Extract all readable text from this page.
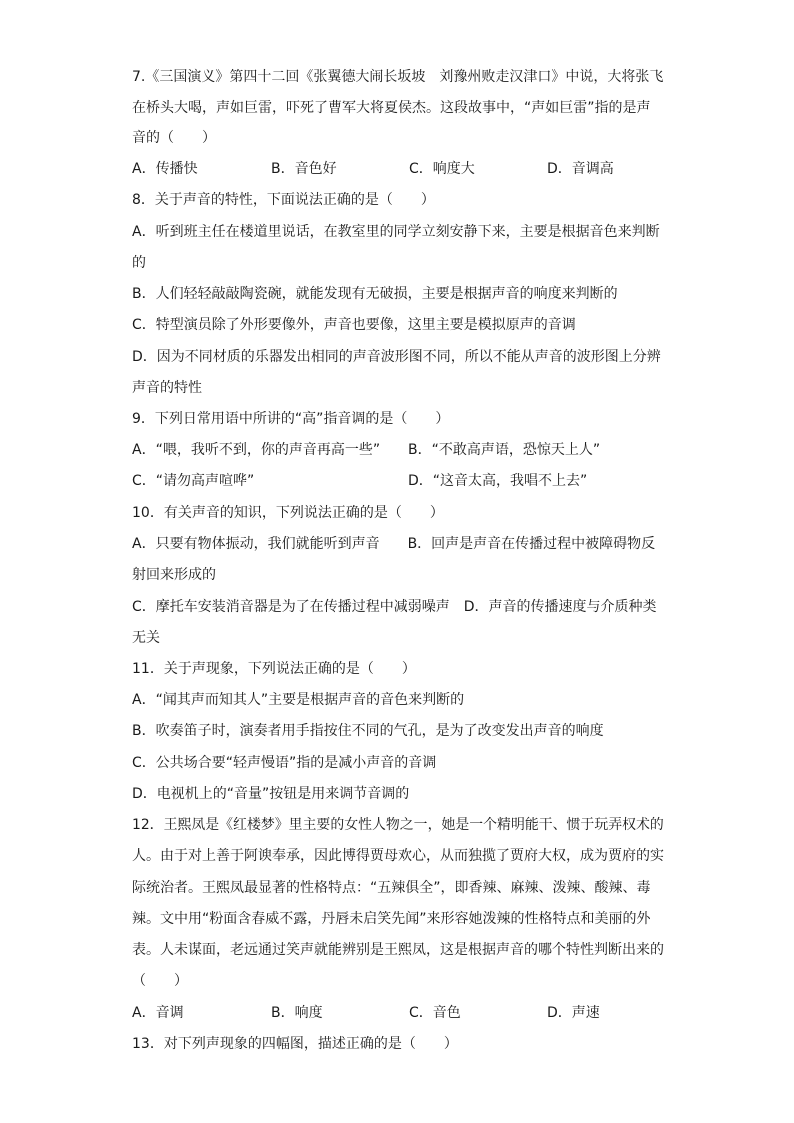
7.《三国演义》第四十二回《张翼德大闹长坂坡　刘豫州败走汉津口》中说，大将张飞
在桥头大喝，声如巨雷，吓死了曹军大将夏侯杰。这段故事中，“声如巨雷”指的是声
音的（　　）
A．传播快	B．音色好	C．响度大	D．音调高
8．关于声音的特性，下面说法正确的是（　　）
A．听到班主任在楼道里说话，在教室里的同学立刻安静下来，主要是根据音色来判断
的
B．人们轻轻敲敲陶瓷碗，就能发现有无破损，主要是根据声音的响度来判断的
C．特型演员除了外形要像外，声音也要像，这里主要是模拟原声的音调
D．因为不同材质的乐器发出相同的声音波形图不同，所以不能从声音的波形图上分辨
声音的特性
9．下列日常用语中所讲的“高”指音调的是（　　）
A．“喂，我听不到，你的声音再高一些” B．“不敢高声语，恐惊天上人”
C．“请勿高声喧哗”	D．“这音太高，我唱不上去”
10．有关声音的知识，下列说法正确的是（　　）
A．只要有物体振动，我们就能听到声音　　B．回声是声音在传播过程中被障碍物反
射回来形成的
C．摩托车安装消音器是为了在传播过程中减弱噪声　D．声音的传播速度与介质种类
无关
11．关于声现象，下列说法正确的是（　　）
A．“闻其声而知其人”主要是根据声音的音色来判断的
B．吹奏笛子时，演奏者用手指按住不同的气孔，是为了改变发出声音的响度
C．公共场合要“轻声慢语”指的是减小声音的音调
D．电视机上的“音量”按钮是用来调节音调的
12．王熙凤是《红楼梦》里主要的女性人物之一，她是一个精明能干、惯于玩弄权术的
人。由于对上善于阿谀奉承，因此博得贾母欢心，从而独揽了贾府大权，成为贾府的实
际统治者。王熙凤最显著的性格特点：“五辣俱全”，即香辣、麻辣、泼辣、酸辣、毒
辣。文中用“粉面含春威不露，丹唇未启笑先闻”来形容她泼辣的性格特点和美丽的外
表。人未谋面，老远通过笑声就能辨别是王熙凤，这是根据声音的哪个特性判断出来的
（　　）
A．音调	B．响度	C．音色	D．声速
13．对下列声现象的四幅图，描述正确的是（　　）
